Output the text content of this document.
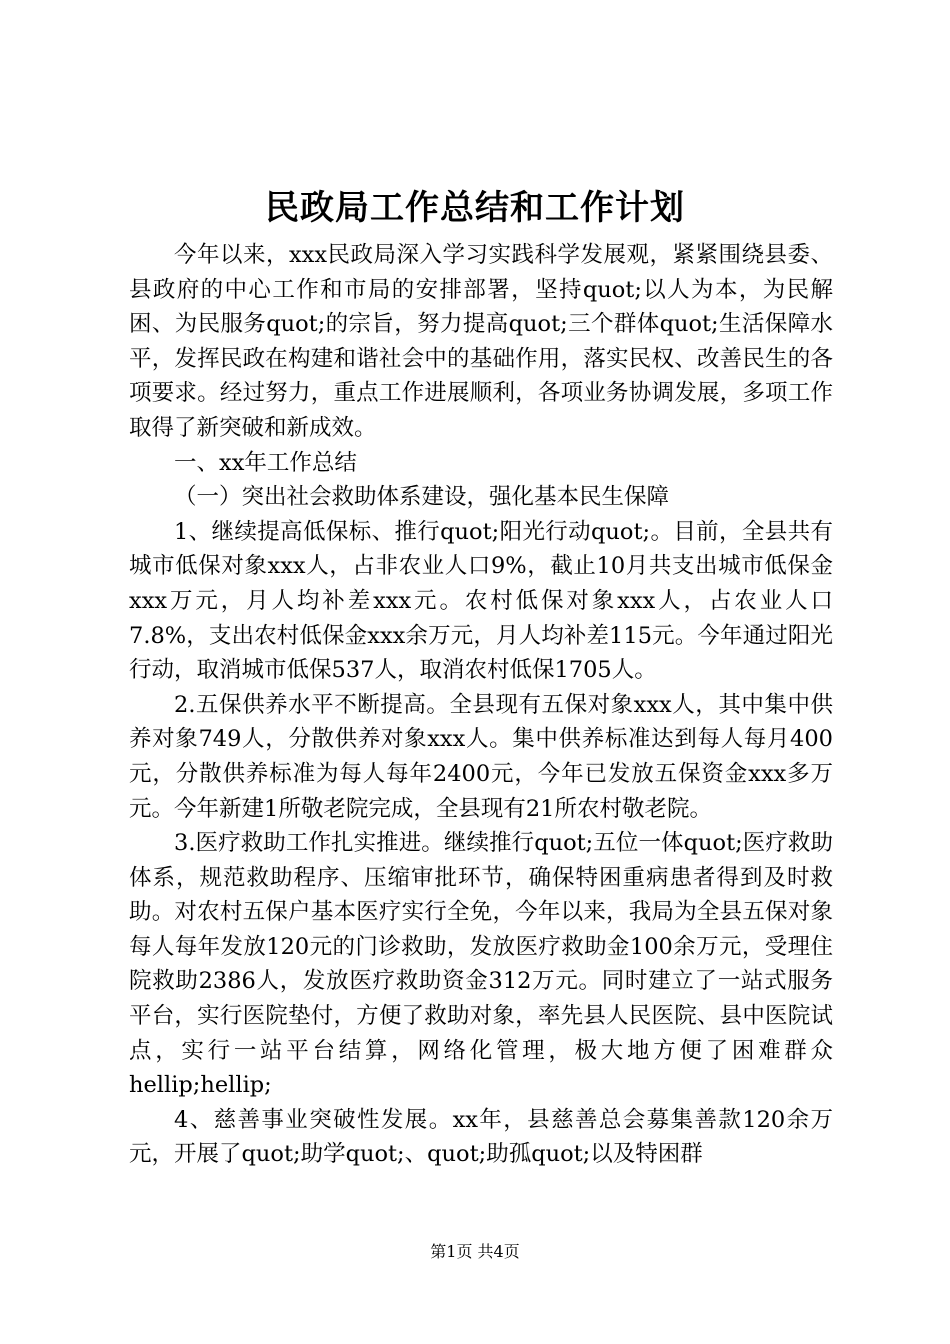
民政局工作总结和工作计划

今年以来，xxx民政局深入学习实践科学发展观，紧紧围绕县委、县政府的中心工作和市局的安排部署，坚持quot;以人为本，为民解困、为民服务quot;的宗旨，努力提高quot;三个群体quot;生活保障水平，发挥民政在构建和谐社会中的基础作用，落实民权、改善民生的各项要求。经过努力，重点工作进展顺利，各项业务协调发展，多项工作取得了新突破和新成效。

一、xx年工作总结

（一）突出社会救助体系建设，强化基本民生保障

1、继续提高低保标、推行quot;阳光行动quot;。目前，全县共有城市低保对象xxx人，占非农业人口9%，截止10月共支出城市低保金xxx万元，月人均补差xxx元。农村低保对象xxx人，占农业人口7.8%，支出农村低保金xxx余万元，月人均补差115元。今年通过阳光行动，取消城市低保537人，取消农村低保1705人。

2.五保供养水平不断提高。全县现有五保对象xxx人，其中集中供养对象749人，分散供养对象xxx人。集中供养标准达到每人每月400元，分散供养标准为每人每年2400元，今年已发放五保资金xxx多万元。今年新建1所敬老院完成，全县现有21所农村敬老院。

3.医疗救助工作扎实推进。继续推行quot;五位一体quot;医疗救助体系，规范救助程序、压缩审批环节，确保特困重病患者得到及时救助。对农村五保户基本医疗实行全免，今年以来，我局为全县五保对象每人每年发放120元的门诊救助，发放医疗救助金100余万元，受理住院救助2386人，发放医疗救助资金312万元。同时建立了一站式服务平台，实行医院垫付，方便了救助对象，率先县人民医院、县中医院试点，实行一站平台结算，网络化管理，极大地方便了困难群众hellip;hellip;

4、慈善事业突破性发展。xx年，县慈善总会募集善款120余万元，开展了quot;助学quot;、quot;助孤quot;以及特困群

第1页 共4页
